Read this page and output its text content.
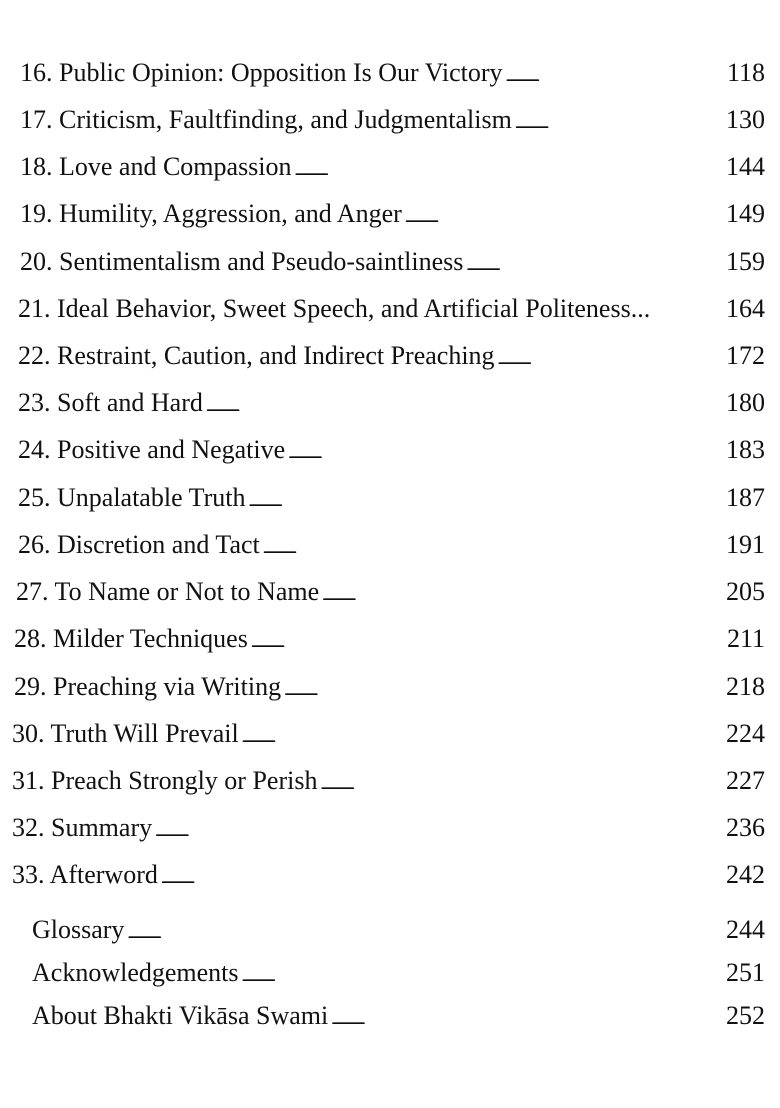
16. Public Opinion: Opposition Is Our Victory . . .	118
17. Criticism, Faultfinding, and Judgmentalism . . .	130
18. Love and Compassion . . .	144
19. Humility, Aggression, and Anger . . .	149
20. Sentimentalism and Pseudo-saintliness . . .	159
21. Ideal Behavior, Sweet Speech, and Artificial Politeness...	164
22. Restraint, Caution, and Indirect Preaching . . .	172
23. Soft and Hard . . .	180
24. Positive and Negative . . .	183
25. Unpalatable Truth . . .	187
26. Discretion and Tact . . .	191
27. To Name or Not to Name . . .	205
28. Milder Techniques . . .	211
29. Preaching via Writing . . .	218
30. Truth Will Prevail . . .	224
31. Preach Strongly or Perish . . .	227
32. Summary . . .	236
33. Afterword . . .	242
Glossary . . .	244
Acknowledgements . . .	251
About Bhakti Vikāsa Swami . . .	252
